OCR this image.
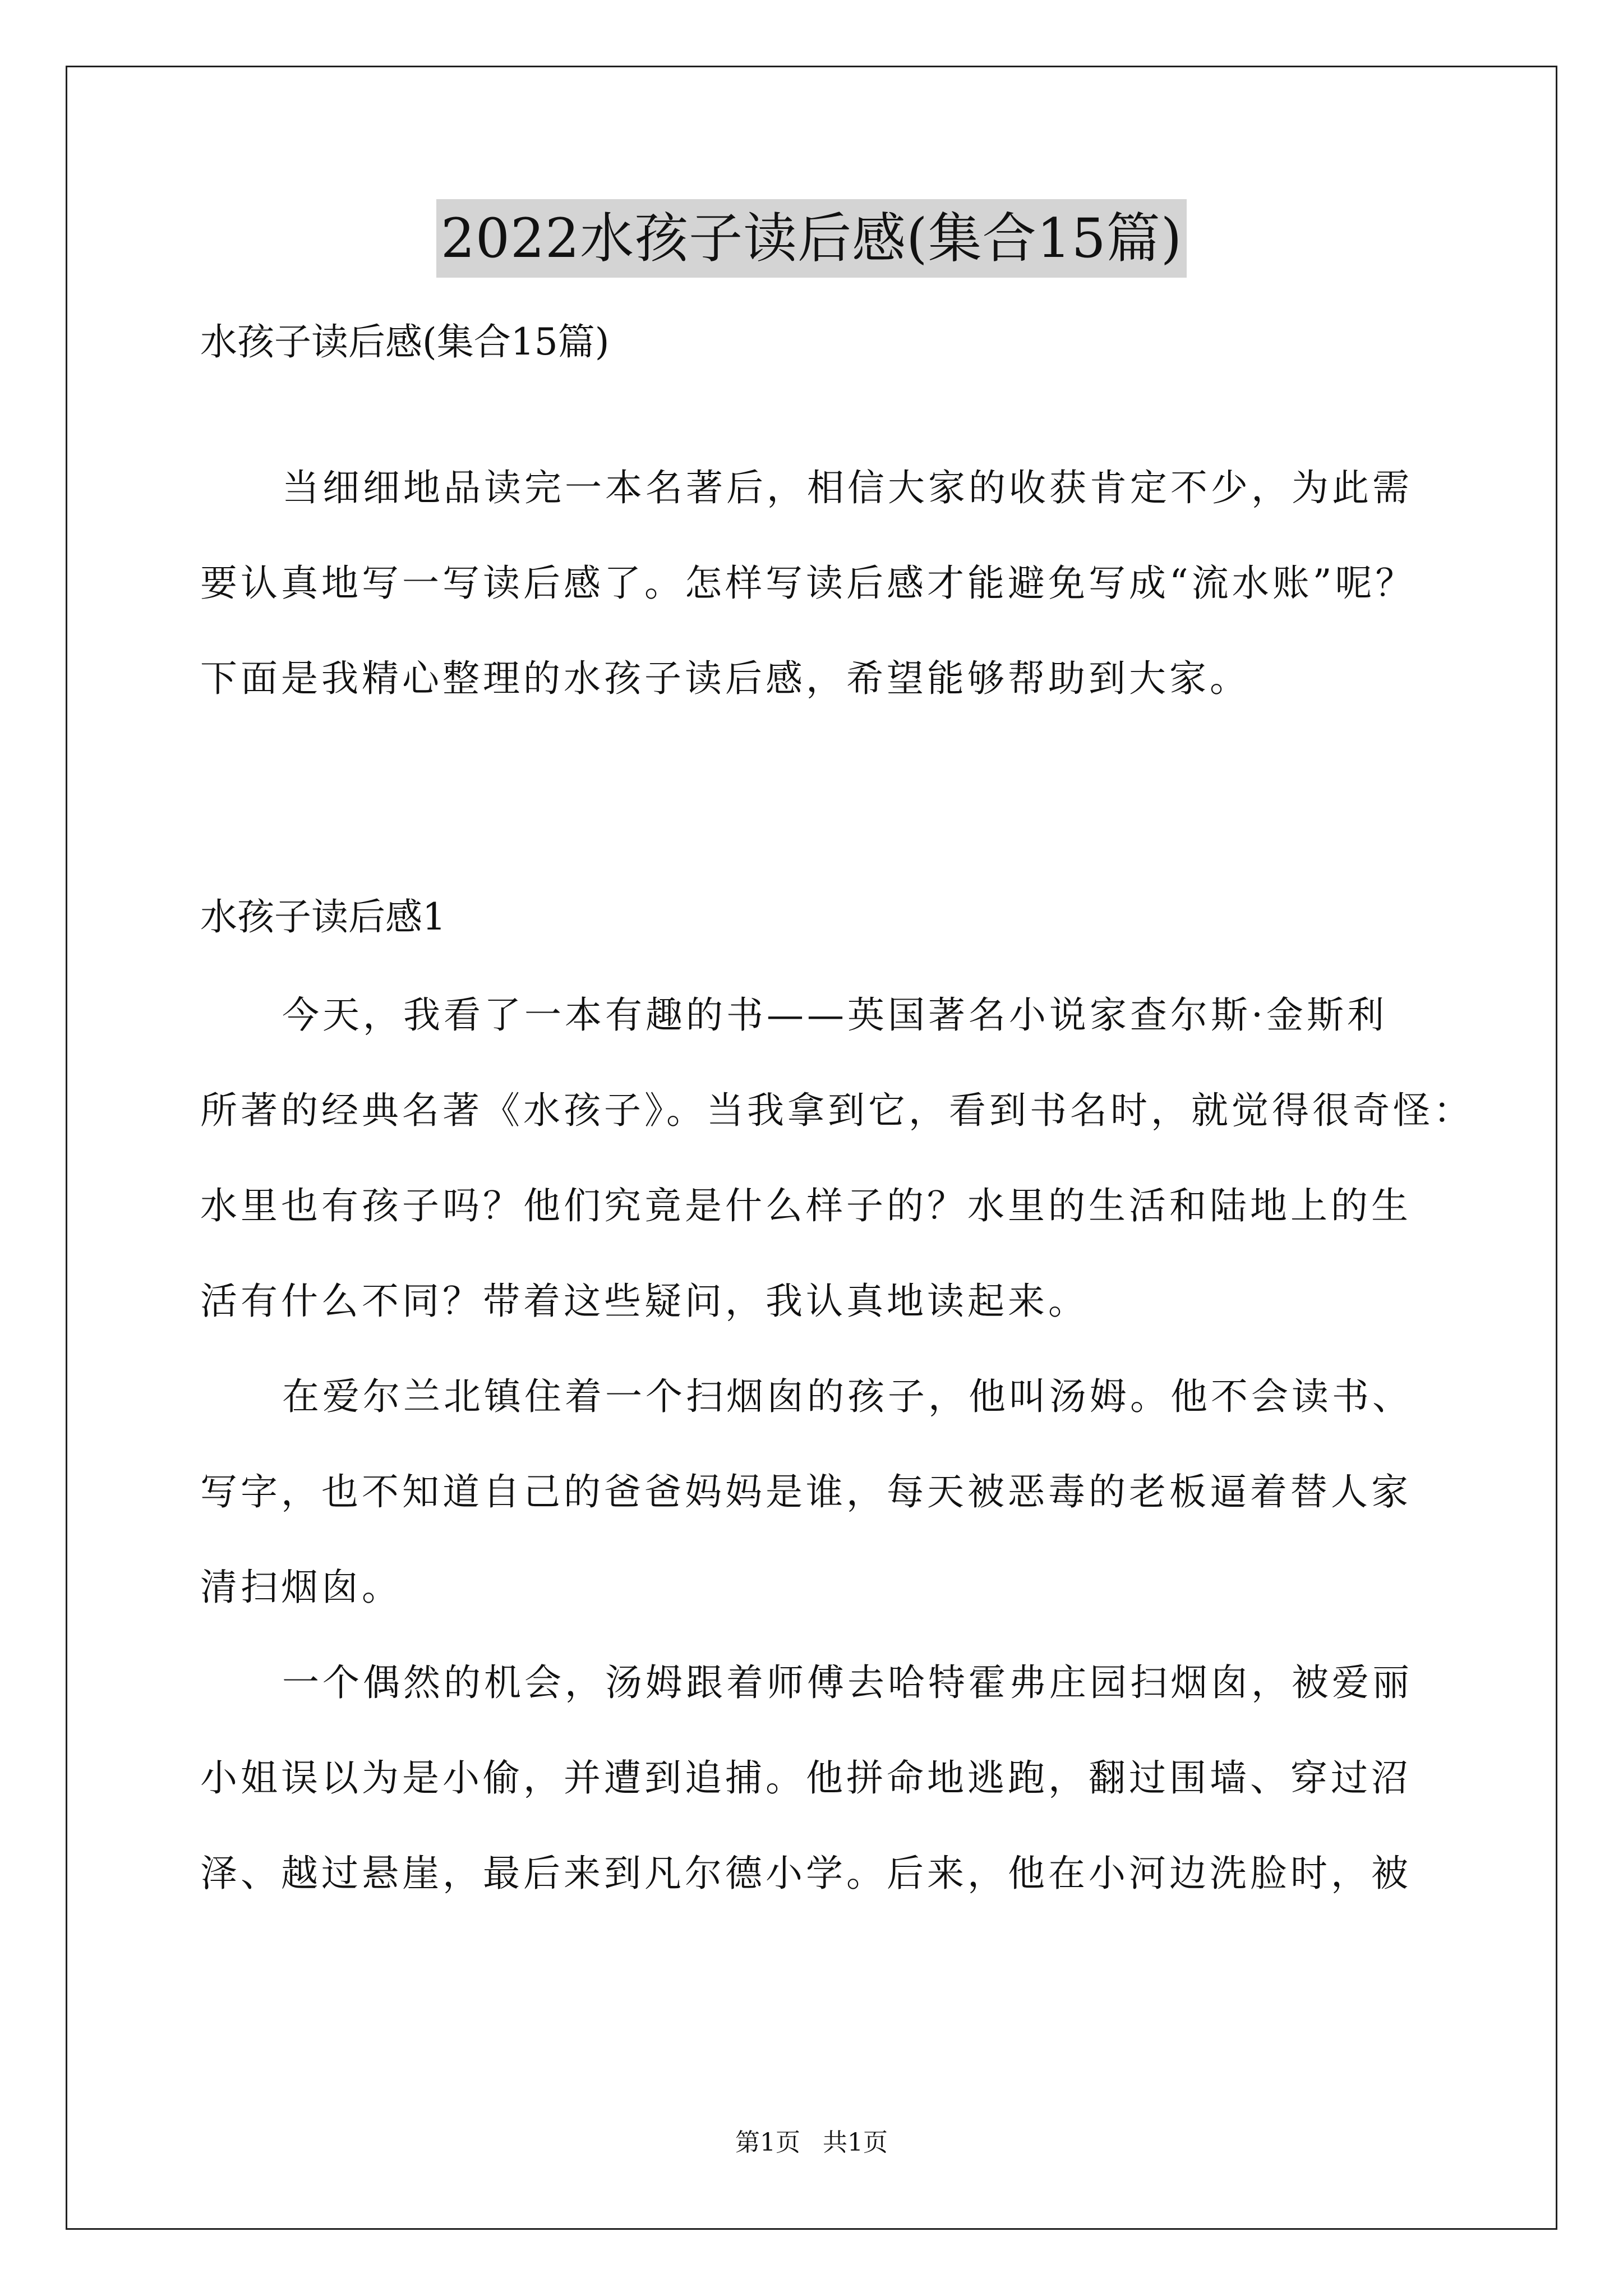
2022水孩子读后感(集合15篇)
水孩子读后感(集合15篇)
当细细地品读完一本名著后，相信大家的收获肯定不少，为此需
要认真地写一写读后感了。怎样写读后感才能避免写成“流水账”呢？
下面是我精心整理的水孩子读后感，希望能够帮助到大家。
水孩子读后感1
今天，我看了一本有趣的书——英国著名小说家查尔斯·金斯利
所著的经典名著《水孩子》。当我拿到它，看到书名时，就觉得很奇怪：
水里也有孩子吗？他们究竟是什么样子的？水里的生活和陆地上的生
活有什么不同？带着这些疑问，我认真地读起来。
在爱尔兰北镇住着一个扫烟囱的孩子，他叫汤姆。他不会读书、
写字，也不知道自己的爸爸妈妈是谁，每天被恶毒的老板逼着替人家
清扫烟囱。
一个偶然的机会，汤姆跟着师傅去哈特霍弗庄园扫烟囱，被爱丽
小姐误以为是小偷，并遭到追捕。他拼命地逃跑，翻过围墙、穿过沼
泽、越过悬崖，最后来到凡尔德小学。后来，他在小河边洗脸时，被
第1页 共1页
